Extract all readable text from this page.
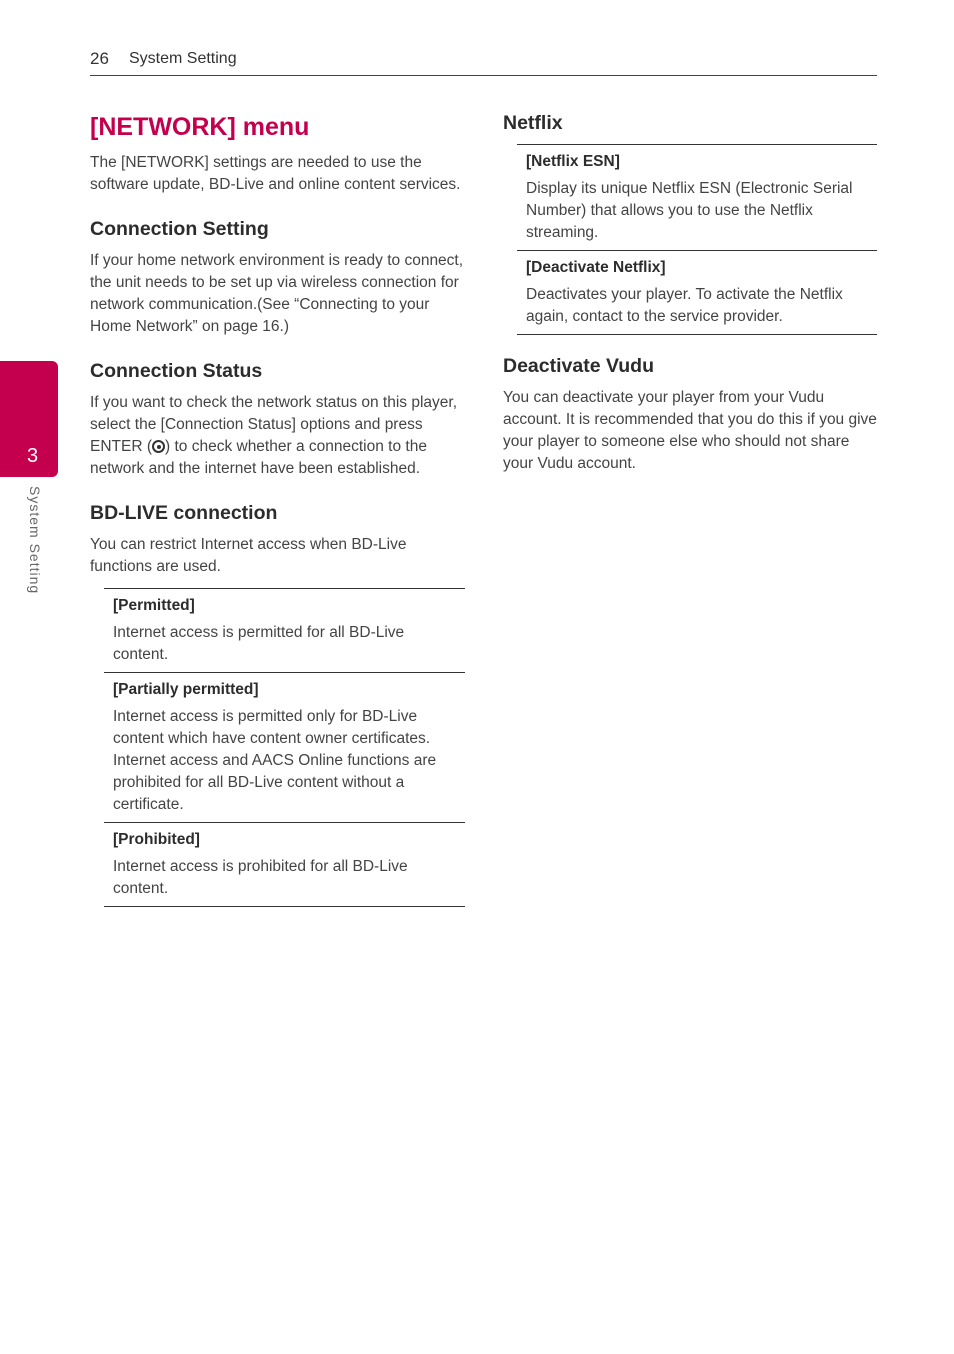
26 System Setting
3
System Setting
[NETWORK] menu

The [NETWORK] settings are needed to use the software update, BD-Live and online content services.

Connection Setting

If your home network environment is ready to connect, the unit needs to be set up via wireless connection for network communication.(See “Connecting to your Home Network” on page 16.)

Connection Status

If you want to check the network status on this player, select the [Connection Status] options and press ENTER ( ) to check whether a connection to the network and the internet have been established.

BD-LIVE connection

You can restrict Internet access when BD-Live functions are used.

[Permitted]
Internet access is permitted for all BD-Live content.
[Partially permitted]
Internet access is permitted only for BD-Live content which have content owner certificates. Internet access and AACS Online functions are prohibited for all BD-Live content without a certificate.
[Prohibited]
Internet access is prohibited for all BD-Live content.
Netflix
[Netflix ESN]
Display its unique Netflix ESN (Electronic Serial Number) that allows you to use the Netflix streaming.
[Deactivate Netflix]
Deactivates your player. To activate the Netflix again, contact to the service provider.
Deactivate Vudu

You can deactivate your player from your Vudu account. It is recommended that you do this if you give your player to someone else who should not share your Vudu account.
